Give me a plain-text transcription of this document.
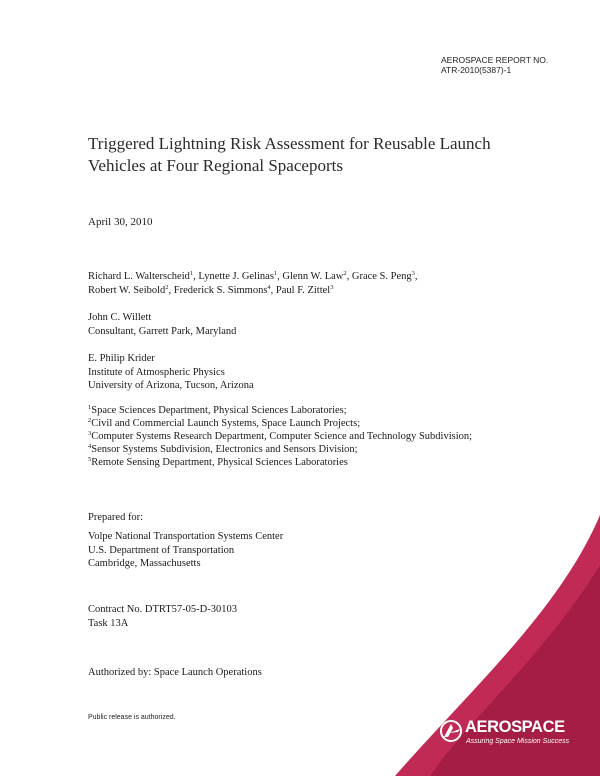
AEROSPACE REPORT NO.
ATR-2010(5387)-1
Triggered Lightning Risk Assessment for Reusable Launch Vehicles at Four Regional Spaceports
April 30, 2010
Richard L. Walterscheid$^1$, Lynette J. Gelinas$^1$, Glenn W. Law$^2$, Grace S. Peng$^3$,
Robert W. Seibold$^2$, Frederick S. Simmons$^4$, Paul F. Zittel$^3$
John C. Willett
Consultant, Garrett Park, Maryland
E. Philip Krider
Institute of Atmospheric Physics
University of Arizona, Tucson, Arizona
$^1$Space Sciences Department, Physical Sciences Laboratories;
$^2$Civil and Commercial Launch Systems, Space Launch Projects;
$^3$Computer Systems Research Department, Computer Science and Technology Subdivision;
$^4$Sensor Systems Subdivision, Electronics and Sensors Division;
$^5$Remote Sensing Department, Physical Sciences Laboratories
Prepared for:
Volpe National Transportation Systems Center
U.S. Department of Transportation
Cambridge, Massachusetts
Contract No. DTRT57-05-D-30103
Task 13A
Authorized by: Space Launch Operations
Public release is authorized.
AEROSPACE
Assuring Space Mission Success
